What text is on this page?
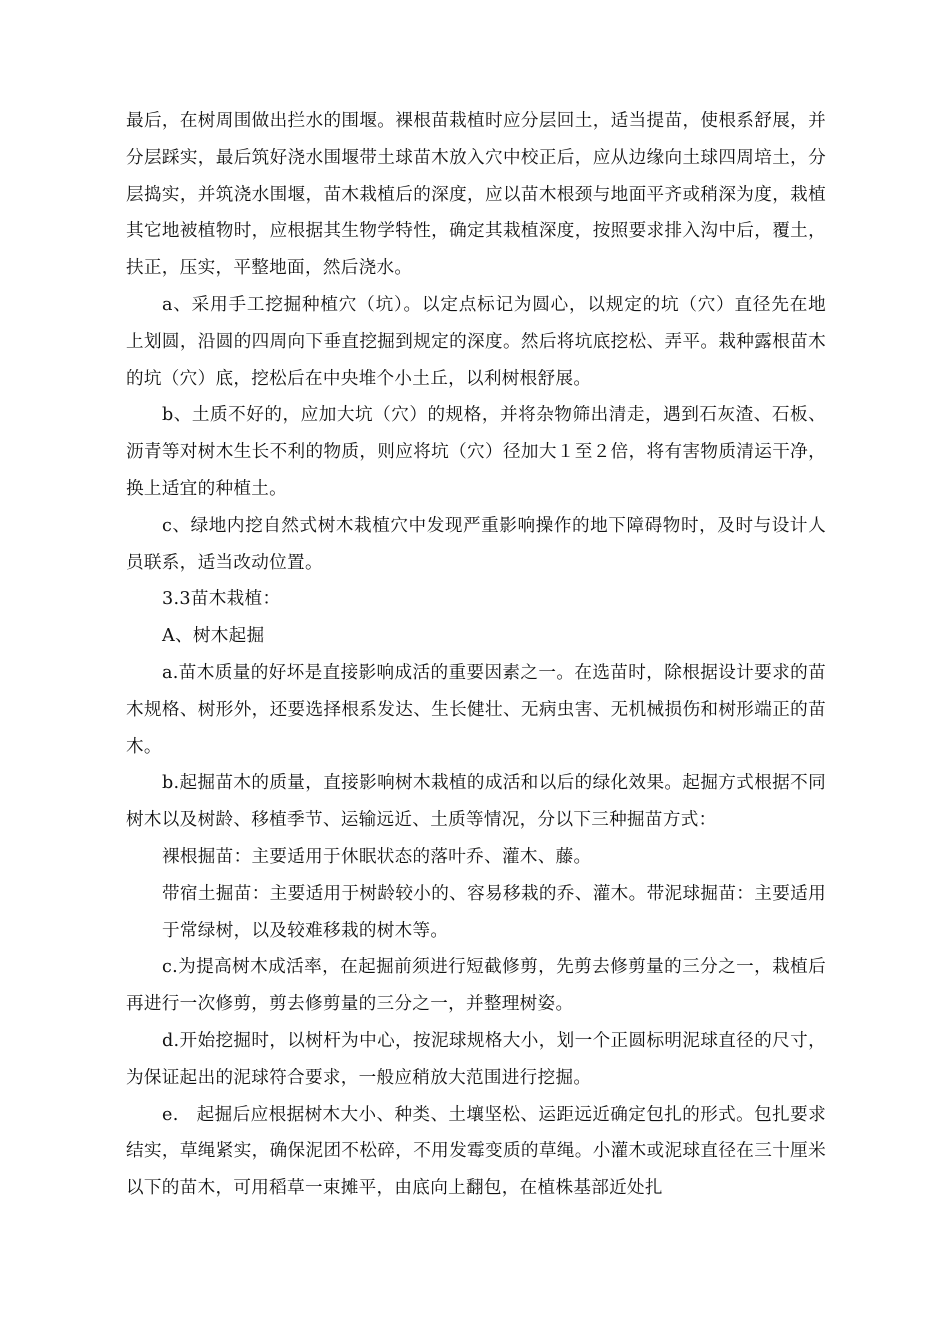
最后，在树周围做出拦水的围堰。裸根苗栽植时应分层回土，适当提苗，使根系舒展，并分层踩实，最后筑好浇水围堰带土球苗木放入穴中校正后，应从边缘向土球四周培土，分层捣实，并筑浇水围堰，苗木栽植后的深度，应以苗木根颈与地面平齐或稍深为度，栽植其它地被植物时，应根据其生物学特性，确定其栽植深度，按照要求排入沟中后，覆土，扶正，压实，平整地面，然后浇水。

a、采用手工挖掘种植穴（坑）。以定点标记为圆心，以规定的坑（穴）直径先在地上划圆，沿圆的四周向下垂直挖掘到规定的深度。然后将坑底挖松、弄平。栽种露根苗木的坑（穴）底，挖松后在中央堆个小土丘，以利树根舒展。

b、土质不好的，应加大坑（穴）的规格，并将杂物筛出清走，遇到石灰渣、石板、沥青等对树木生长不利的物质，则应将坑（穴）径加大１至２倍，将有害物质清运干净，换上适宜的种植土。

c、绿地内挖自然式树木栽植穴中发现严重影响操作的地下障碍物时，及时与设计人员联系，适当改动位置。

3.3苗木栽植：

A、树木起掘

a.苗木质量的好坏是直接影响成活的重要因素之一。在选苗时，除根据设计要求的苗木规格、树形外，还要选择根系发达、生长健壮、无病虫害、无机械损伤和树形端正的苗木。

b.起掘苗木的质量，直接影响树木栽植的成活和以后的绿化效果。起掘方式根据不同树木以及树龄、移植季节、运输远近、土质等情况，分以下三种掘苗方式：

裸根掘苗：主要适用于休眠状态的落叶乔、灌木、藤。

带宿土掘苗：主要适用于树龄较小的、容易移栽的乔、灌木。带泥球掘苗：主要适用于常绿树，以及较难移栽的树木等。

c.为提高树木成活率，在起掘前须进行短截修剪，先剪去修剪量的三分之一，栽植后再进行一次修剪，剪去修剪量的三分之一，并整理树姿。

d.开始挖掘时，以树杆为中心，按泥球规格大小，划一个正圆标明泥球直径的尺寸，为保证起出的泥球符合要求，一般应稍放大范围进行挖掘。

e.　起掘后应根据树木大小、种类、土壤坚松、运距远近确定包扎的形式。包扎要求结实，草绳紧实，确保泥团不松碎，不用发霉变质的草绳。小灌木或泥球直径在三十厘米以下的苗木，可用稻草一束摊平，由底向上翻包，在植株基部近处扎
